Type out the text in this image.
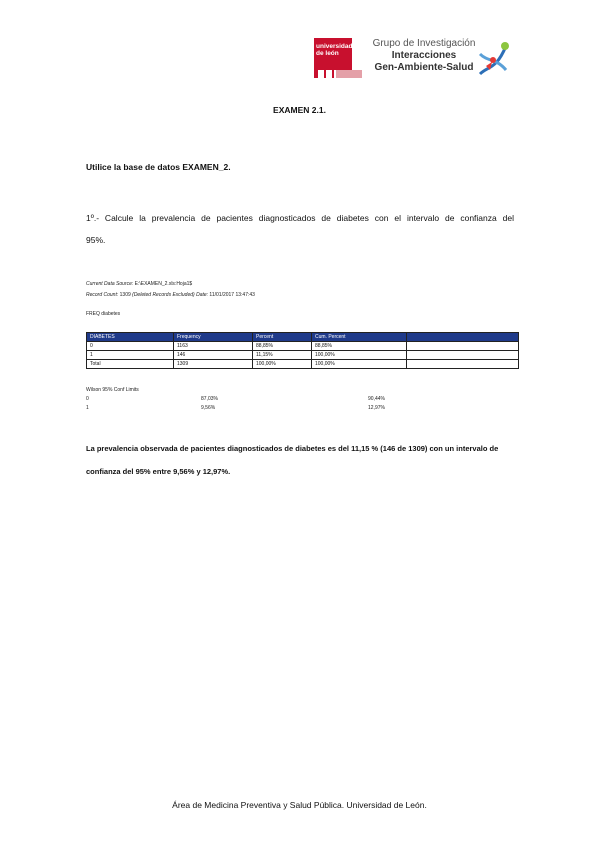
universidad de león
Grupo de Investigación
Interacciones
Gen-Ambiente-Salud
EXAMEN 2.1.
Utilice la base de datos EXAMEN_2.
1º.- Calcule la prevalencia de pacientes diagnosticados de diabetes con el intervalo de confianza del 95%.
Current Data Source: E:\EXAMEN_2.xls:Hoja1$
Record Count: 1309 (Deleted Records Excluded) Date: 11/01/2017 13:47:43
FREQ diabetes
DIABETES	Frequency	Percent	Cum. Percent	
0	1163	88,85%	88,85%	
1	146	11,15%	100,00%	
Total	1309	100,00%	100,00%	
Wilson 95% Conf Limits
0	87,03%	90,44%
1	9,56%	12,97%
La prevalencia observada de pacientes diagnosticados de diabetes es del 11,15 % (146 de 1309) con un intervalo de confianza del 95% entre 9,56% y 12,97%.
Área de Medicina Preventiva y Salud Pública. Universidad de León.
